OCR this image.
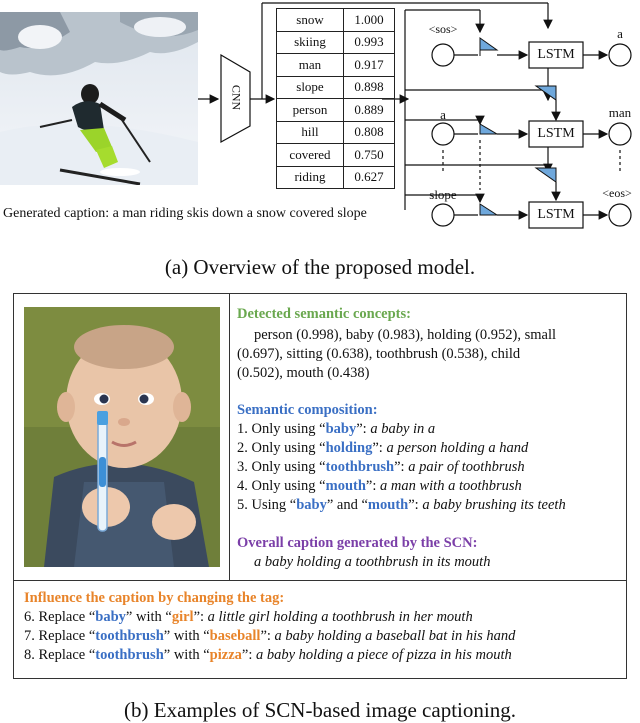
CNN
LSTM
LSTM
LSTM
<sos>
a
slope
a
man
<eos>
snow	1.000
skiing	0.993
man	0.917
slope	0.898
person	0.889
hill	0.808
covered	0.750
riding	0.627
Generated caption: a man riding skis down a snow covered slope
(a) Overview of the proposed model.
Detected semantic concepts:
person (0.998), baby (0.983), holding (0.952), small
(0.697), sitting (0.638), toothbrush (0.538), child
(0.502), mouth (0.438)
Semantic composition:
1. Only using “baby”: a baby in a
2. Only using “holding”: a person holding a hand
3. Only using “toothbrush”: a pair of toothbrush
4. Only using “mouth”: a man with a toothbrush
5. Using “baby” and “mouth”: a baby brushing its teeth
Overall caption generated by the SCN:
a baby holding a toothbrush in its mouth
Influence the caption by changing the tag:
6. Replace “baby” with “girl”: a little girl holding a toothbrush in her mouth
7. Replace “toothbrush” with “baseball”: a baby holding a baseball bat in his hand
8. Replace “toothbrush” with “pizza”: a baby holding a piece of pizza in his mouth
(b) Examples of SCN-based image captioning.
